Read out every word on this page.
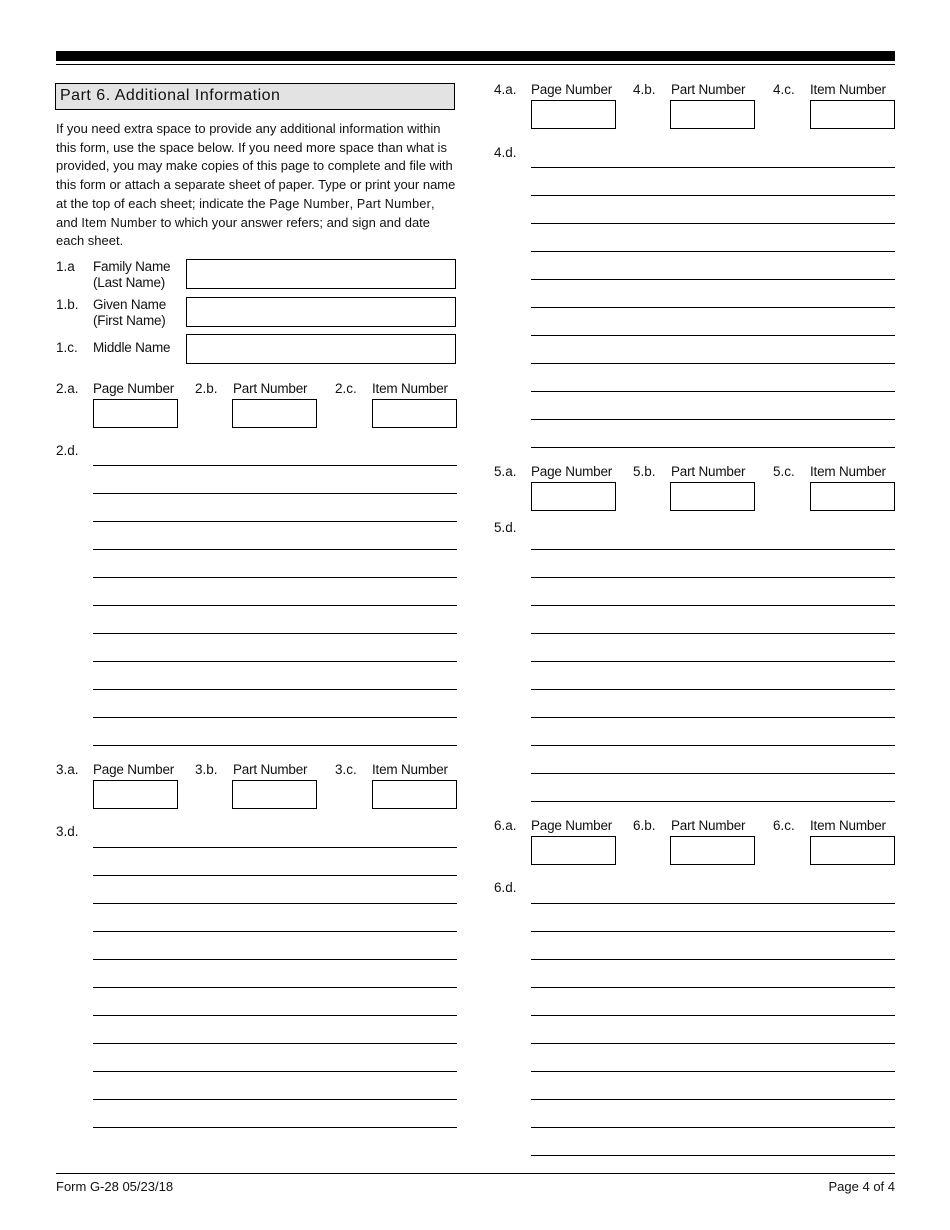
Part 6. Additional Information
If you need extra space to provide any additional information within this form, use the space below. If you need more space than what is provided, you may make copies of this page to complete and file with this form or attach a separate sheet of paper. Type or print your name at the top of each sheet; indicate the Page Number, Part Number, and Item Number to which your answer refers; and sign and date each sheet.
1.a Family Name
(Last Name)
1.b. Given Name
(First Name)
1.c. Middle Name
2.a. Page Number 2.b. Part Number 2.c. Item Number
2.d.
3.a. Page Number 3.b. Part Number 3.c. Item Number
3.d.
4.a. Page Number 4.b. Part Number 4.c. Item Number
4.d.
5.a. Page Number 5.b. Part Number 5.c. Item Number
5.d.
6.a. Page Number 6.b. Part Number 6.c. Item Number
6.d.
Form G-28 05/23/18	Page 4 of 4
